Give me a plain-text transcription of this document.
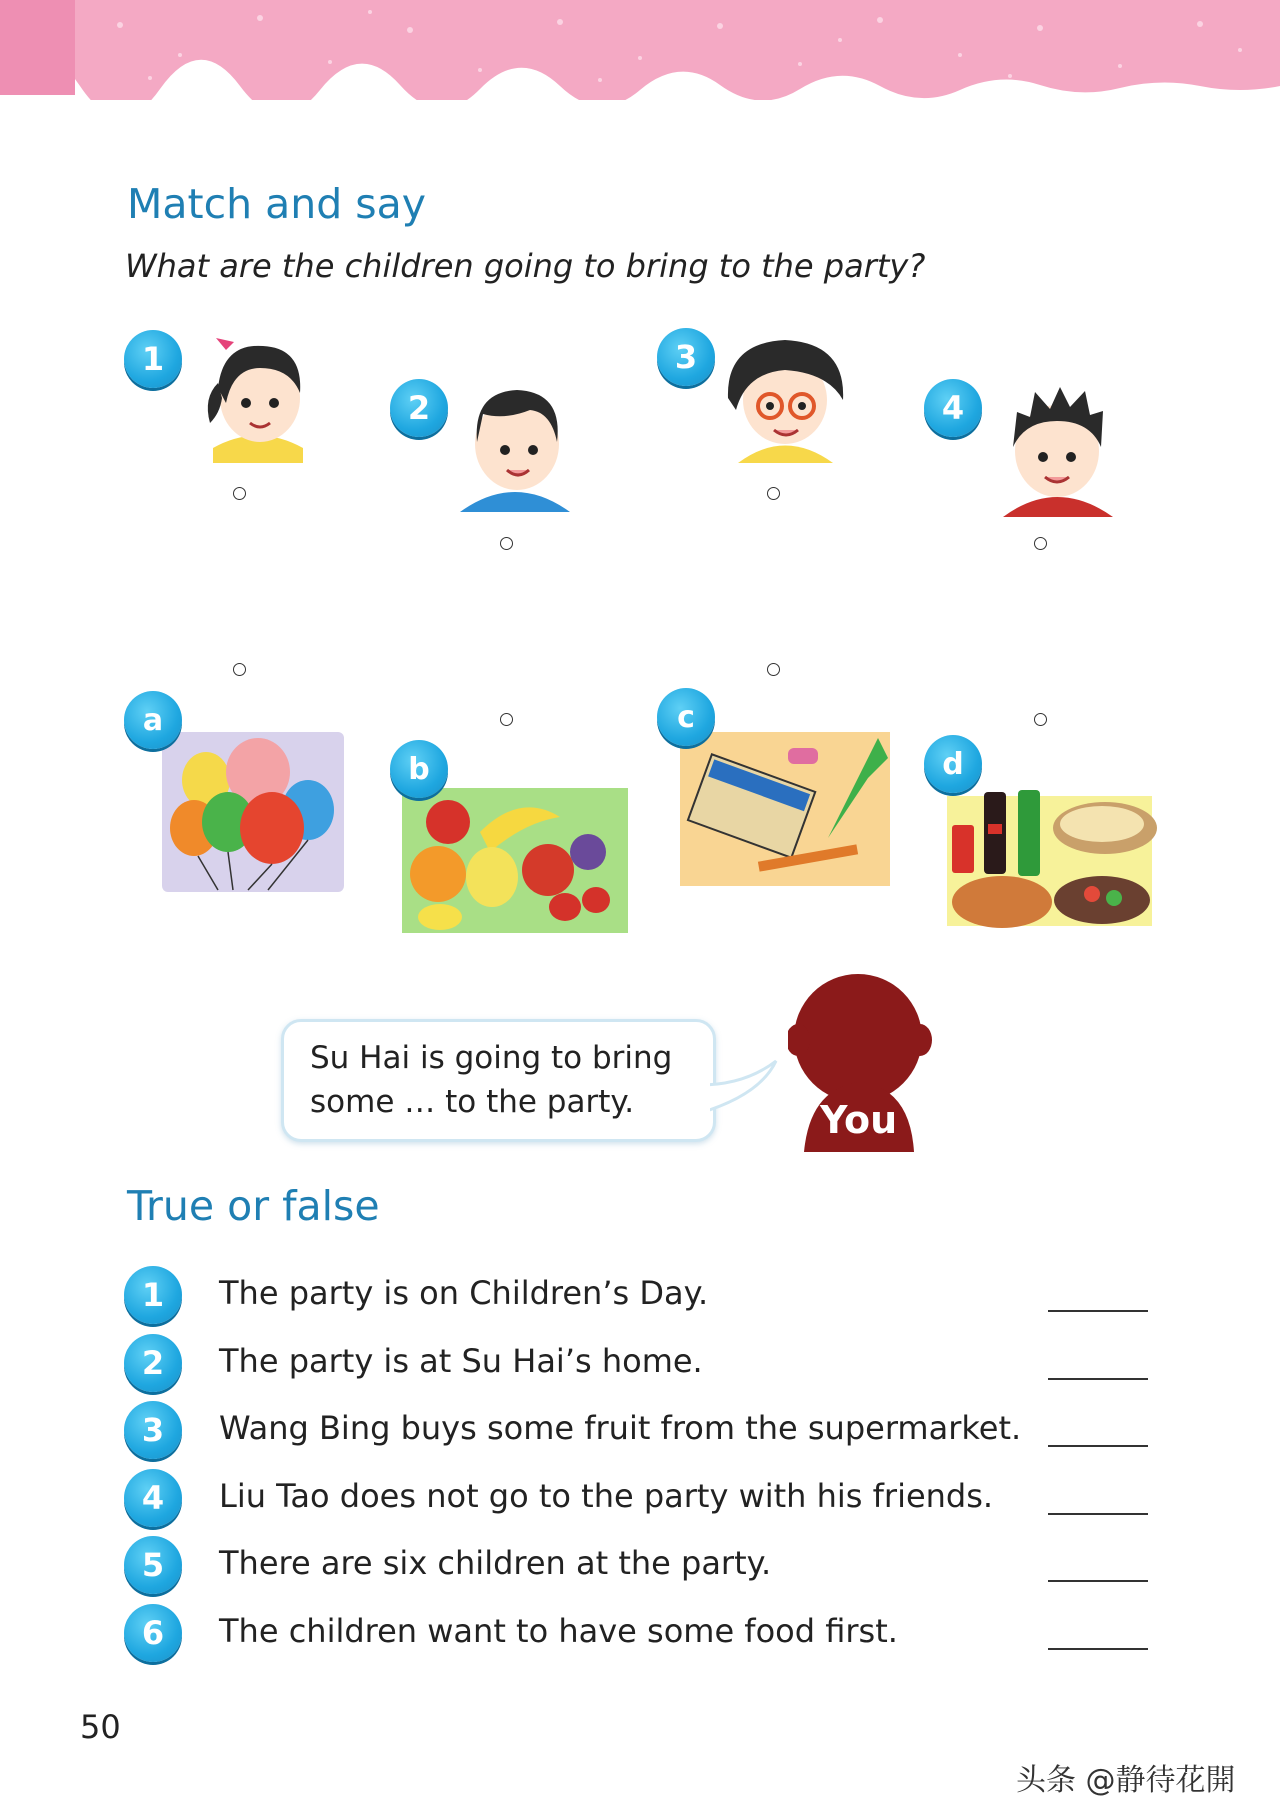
Match and say

What are the children going to bring to the party?

1
2
3
4
a
b
c
d
Su Hai is going to bring
some … to the party.	You
True or false
1	The party is on Children’s Day.
2	The party is at Su Hai’s home.
3	Wang Bing buys some fruit from the supermarket.
4	Liu Tao does not go to the party with his friends.
5	There are six children at the party.
6	The children want to have some food first.
50
头条 @静待花開
